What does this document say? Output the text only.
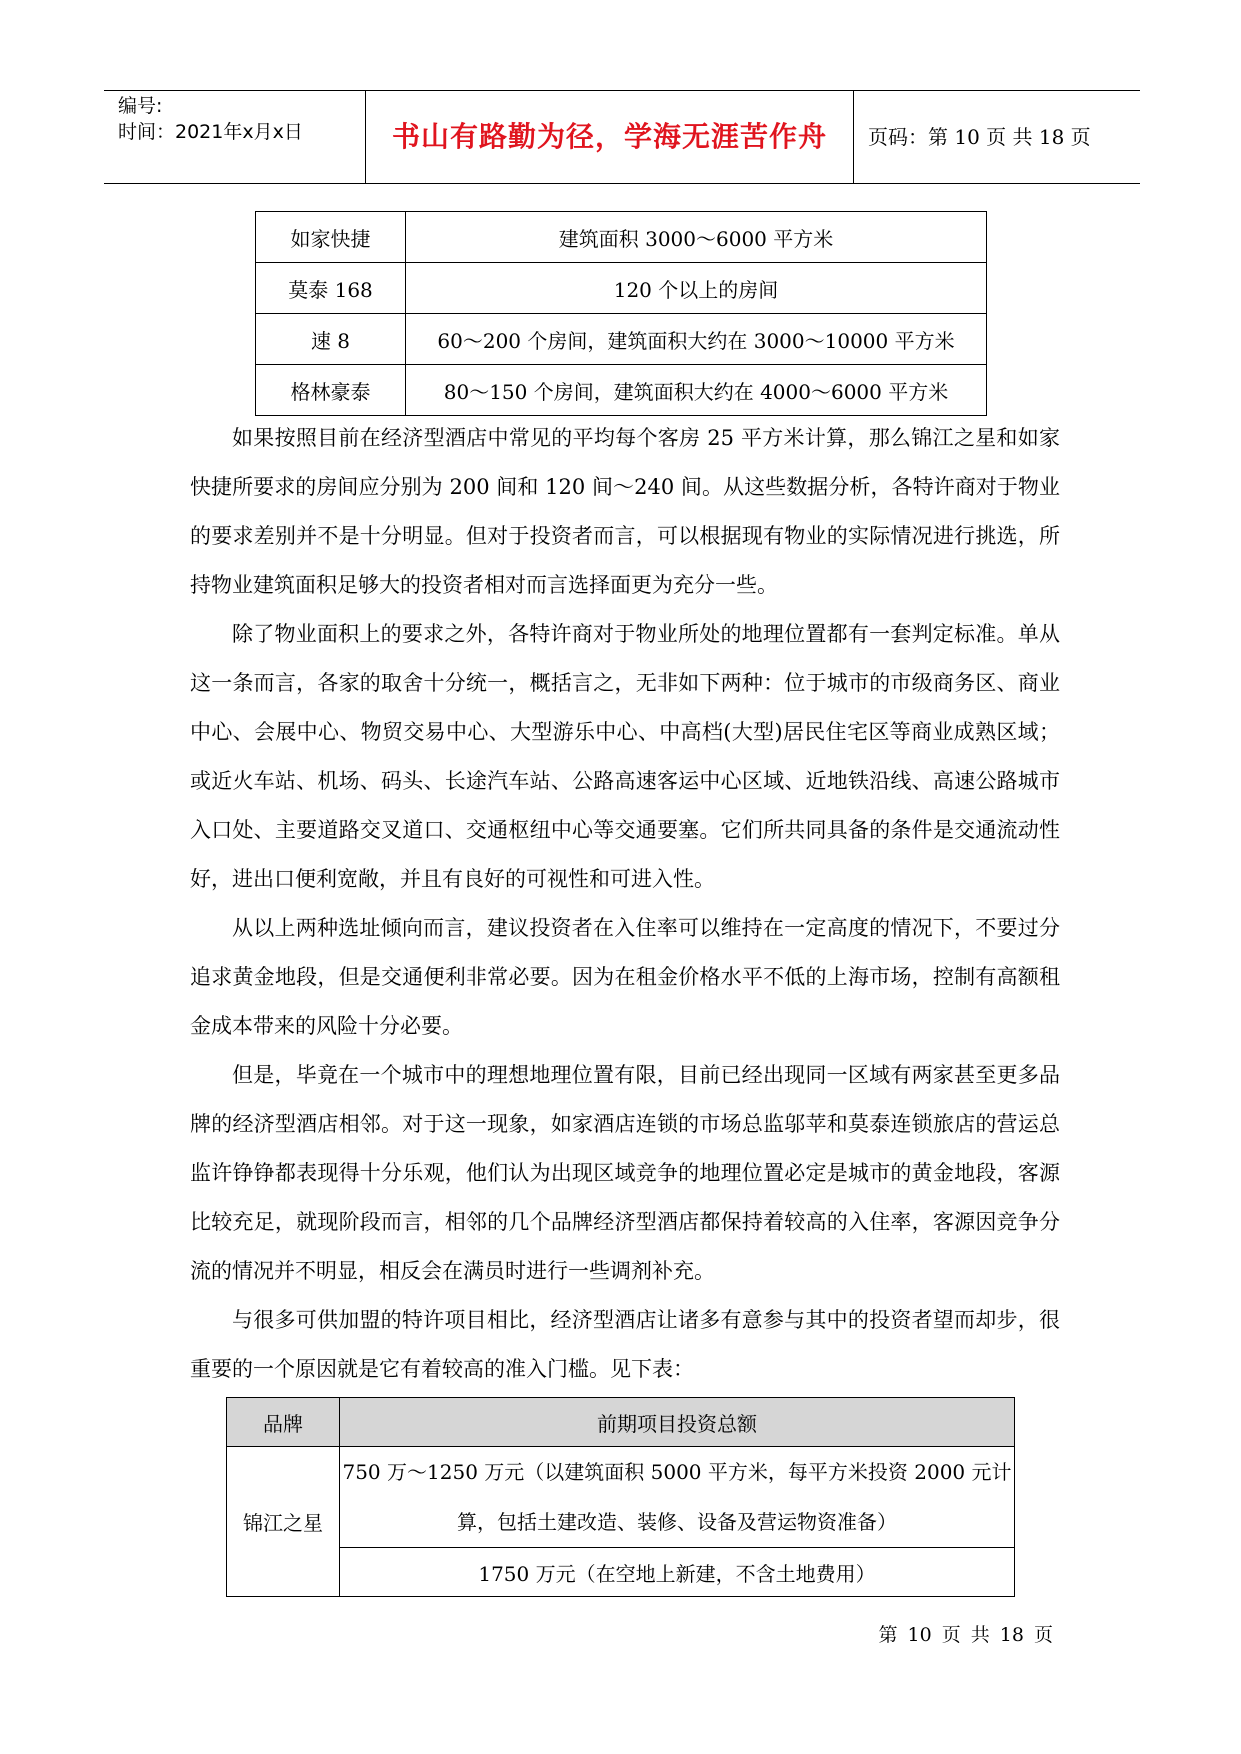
编号:
时间：2021年x月x日	书山有路勤为径，学海无涯苦作舟	页码：第 10 页 共 18 页
如家快捷	建筑面积 3000～6000 平方米
莫泰 168	120 个以上的房间
速 8	60～200 个房间，建筑面积大约在 3000～10000 平方米
格林豪泰	80～150 个房间，建筑面积大约在 4000～6000 平方米

如果按照目前在经济型酒店中常见的平均每个客房 25 平方米计算，那么锦江之星和如家快捷所要求的房间应分别为 200 间和 120 间～240 间。从这些数据分析，各特许商对于物业的要求差别并不是十分明显。但对于投资者而言，可以根据现有物业的实际情况进行挑选，所持物业建筑面积足够大的投资者相对而言选择面更为充分一些。

除了物业面积上的要求之外，各特许商对于物业所处的地理位置都有一套判定标准。单从这一条而言，各家的取舍十分统一，概括言之，无非如下两种：位于城市的市级商务区、商业中心、会展中心、物贸交易中心、大型游乐中心、中高档(大型)居民住宅区等商业成熟区域；或近火车站、机场、码头、长途汽车站、公路高速客运中心区域、近地铁沿线、高速公路城市入口处、主要道路交叉道口、交通枢纽中心等交通要塞。它们所共同具备的条件是交通流动性好，进出口便利宽敞，并且有良好的可视性和可进入性。

从以上两种选址倾向而言，建议投资者在入住率可以维持在一定高度的情况下，不要过分追求黄金地段，但是交通便利非常必要。因为在租金价格水平不低的上海市场，控制有高额租金成本带来的风险十分必要。

但是，毕竟在一个城市中的理想地理位置有限，目前已经出现同一区域有两家甚至更多品牌的经济型酒店相邻。对于这一现象，如家酒店连锁的市场总监邬苹和莫泰连锁旅店的营运总监许铮铮都表现得十分乐观，他们认为出现区域竞争的地理位置必定是城市的黄金地段，客源比较充足，就现阶段而言，相邻的几个品牌经济型酒店都保持着较高的入住率，客源因竞争分流的情况并不明显，相反会在满员时进行一些调剂补充。

与很多可供加盟的特许项目相比，经济型酒店让诸多有意参与其中的投资者望而却步，很重要的一个原因就是它有着较高的准入门槛。见下表：

品牌	前期项目投资总额
锦江之星	750 万～1250 万元（以建筑面积 5000 平方米，每平方米投资 2000 元计算，包括土建改造、装修、设备及营运物资准备）
	1750 万元（在空地上新建，不含土地费用）
第 10 页 共 18 页
